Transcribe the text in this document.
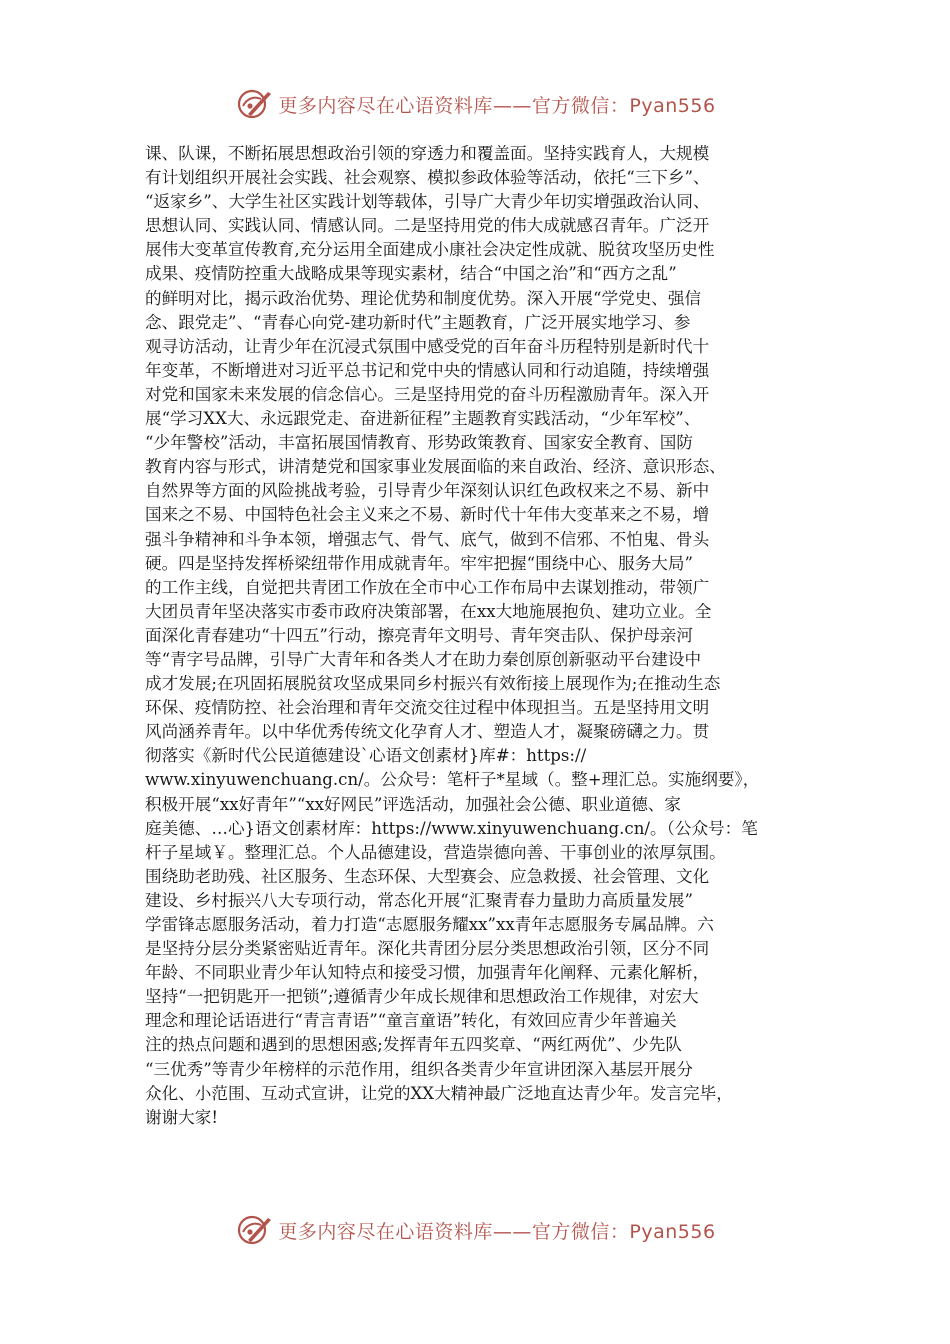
更多内容尽在心语资料库——官方微信：Pyan556
课、队课，不断拓展思想政治引领的穿透力和覆盖面。坚持实践育人，大规模
有计划组织开展社会实践、社会观察、模拟参政体验等活动，依托“三下乡”、
“返家乡”、大学生社区实践计划等载体，引导广大青少年切实增强政治认同、
思想认同、实践认同、情感认同。二是坚持用党的伟大成就感召青年。广泛开
展伟大变革宣传教育,充分运用全面建成小康社会决定性成就、脱贫攻坚历史性
成果、疫情防控重大战略成果等现实素材，结合“中国之治”和“西方之乱”
的鲜明对比，揭示政治优势、理论优势和制度优势。深入开展“学党史、强信
念、跟党走”、“青春心向党-建功新时代”主题教育，广泛开展实地学习、参
观寻访活动，让青少年在沉浸式氛围中感受党的百年奋斗历程特别是新时代十
年变革，不断增进对习近平总书记和党中央的情感认同和行动追随，持续增强
对党和国家未来发展的信念信心。三是坚持用党的奋斗历程激励青年。深入开
展“学习XX大、永远跟党走、奋进新征程”主题教育实践活动，“少年军校”、
“少年警校”活动，丰富拓展国情教育、形势政策教育、国家安全教育、国防
教育内容与形式，讲清楚党和国家事业发展面临的来自政治、经济、意识形态、
自然界等方面的风险挑战考验，引导青少年深刻认识红色政权来之不易、新中
国来之不易、中国特色社会主义来之不易、新时代十年伟大变革来之不易，增
强斗争精神和斗争本领，增强志气、骨气、底气，做到不信邪、不怕鬼、骨头
硬。四是坚持发挥桥梁纽带作用成就青年。牢牢把握“围绕中心、服务大局”
的工作主线，自觉把共青团工作放在全市中心工作布局中去谋划推动，带领广
大团员青年坚决落实市委市政府决策部署，在xx大地施展抱负、建功立业。全
面深化青春建功“十四五”行动，擦亮青年文明号、青年突击队、保护母亲河
等“青字号品牌，引导广大青年和各类人才在助力秦创原创新驱动平台建设中
成才发展;在巩固拓展脱贫攻坚成果同乡村振兴有效衔接上展现作为;在推动生态
环保、疫情防控、社会治理和青年交流交往过程中体现担当。五是坚持用文明
风尚涵养青年。以中华优秀传统文化孕育人才、塑造人才，凝聚磅礴之力。贯
彻落实《新时代公民道德建设`心语文创素材}库#：https://
www.xinyuwenchuang.cn/。公众号：笔杆子*星域（。整+理汇总。实施纲要》，
积极开展“xx好青年”“xx好网民”评选活动，加强社会公德、职业道德、家
庭美德、…心}语文创素材库：https://www.xinyuwenchuang.cn/。（公众号：笔
杆子星域￥。整理汇总。个人品德建设，营造崇德向善、干事创业的浓厚氛围。
围绕助老助残、社区服务、生态环保、大型赛会、应急救援、社会管理、文化
建设、乡村振兴八大专项行动，常态化开展“汇聚青春力量助力高质量发展”
学雷锋志愿服务活动，着力打造“志愿服务耀xx”xx青年志愿服务专属品牌。六
是坚持分层分类紧密贴近青年。深化共青团分层分类思想政治引领，区分不同
年龄、不同职业青少年认知特点和接受习惯，加强青年化阐释、元素化解析，
坚持“一把钥匙开一把锁”;遵循青少年成长规律和思想政治工作规律，对宏大
理念和理论话语进行“青言青语”“童言童语”转化，有效回应青少年普遍关
注的热点问题和遇到的思想困惑;发挥青年五四奖章、“两红两优”、少先队
“三优秀”等青少年榜样的示范作用，组织各类青少年宣讲团深入基层开展分
众化、小范围、互动式宣讲，让党的XX大精神最广泛地直达青少年。发言完毕，
谢谢大家!
更多内容尽在心语资料库——官方微信：Pyan556
